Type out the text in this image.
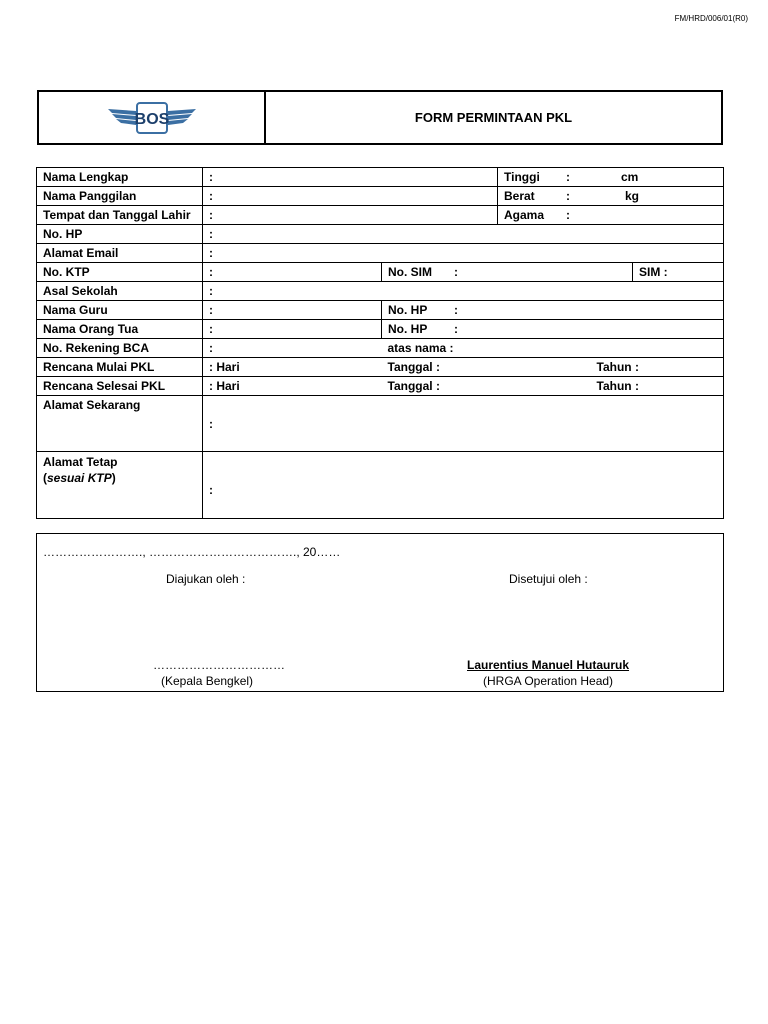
FM/HRD/006/01(R0)
BOS	FORM PERMINTAAN PKL
Nama Lengkap	:	Tinggi :	cm

Nama Panggilan	:	Berat	:	kg

Tempat dan Tanggal Lahir	:	Agama :

No. HP	:
Alamat Email	:
No. KTP	:	No. SIM :	SIM :
Asal Sekolah	:
Nama Guru	:	No. HP :

Nama Orang Tua	:	No. HP :

No. Rekening BCA	:	atas nama :
Rencana Mulai PKL	: Hari	Tanggal :	Tahun :
Rencana Selesai PKL	: Hari	Tanggal :	Tahun :
Alamat Sekarang	:

Alamat Tetap
(sesuai KTP)	:
……………………., ………………………………., 20……
Diajukan oleh :	Disetujui oleh :
……………………………
(Kepala Bengkel)
Laurentius Manuel Hutauruk
(HRGA Operation Head)
